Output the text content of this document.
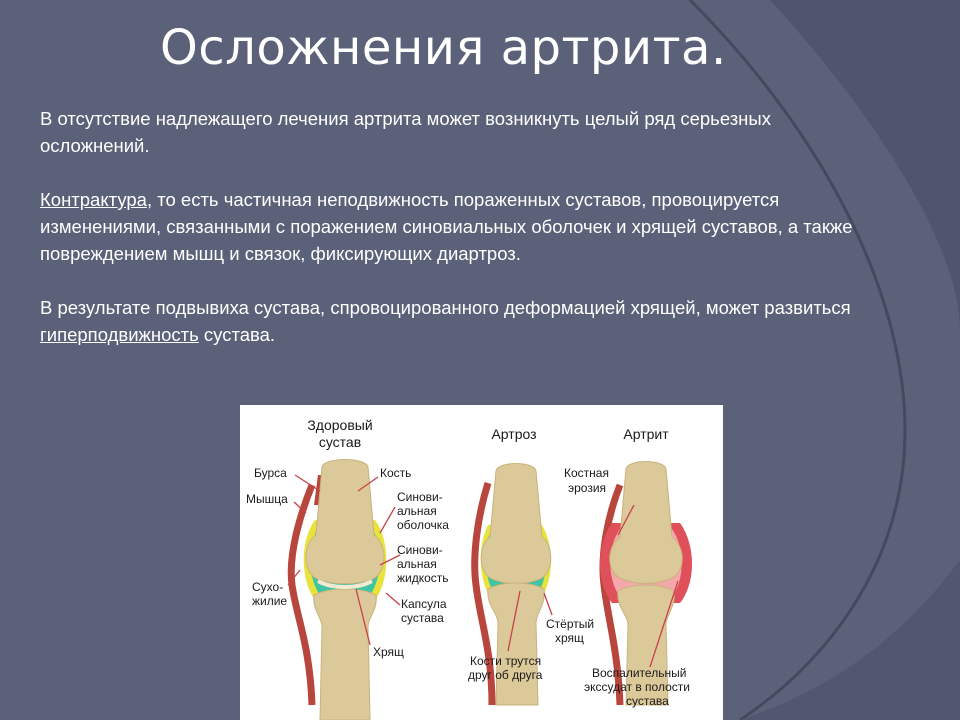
Осложнения артрита.

В отсутствие надлежащего лечения артрита может возникнуть целый ряд серьезных осложнений.

Контрактура, то есть частичная неподвижность пораженных суставов, провоцируется изменениями, связанными с поражением синовиальных оболочек и хрящей суставов, а также повреждением мышц и связок, фиксирующих диартроз.

В результате подвывиха сустава, спровоцированного деформацией хрящей, может развиться гиперподвижность сустава.

Здоровый
сустав	Артроз	Артрит
Бурса
Мышца
Сухо-
жилие
Кость
Синови-
альная
оболочка
Синови-
альная
жидкость
Капсула
сустава
Хрящ
Кости трутся
друг об друга
Стёртый
хрящ
Костная
эрозия
Воспалительный
экссудат в полости
сустава
